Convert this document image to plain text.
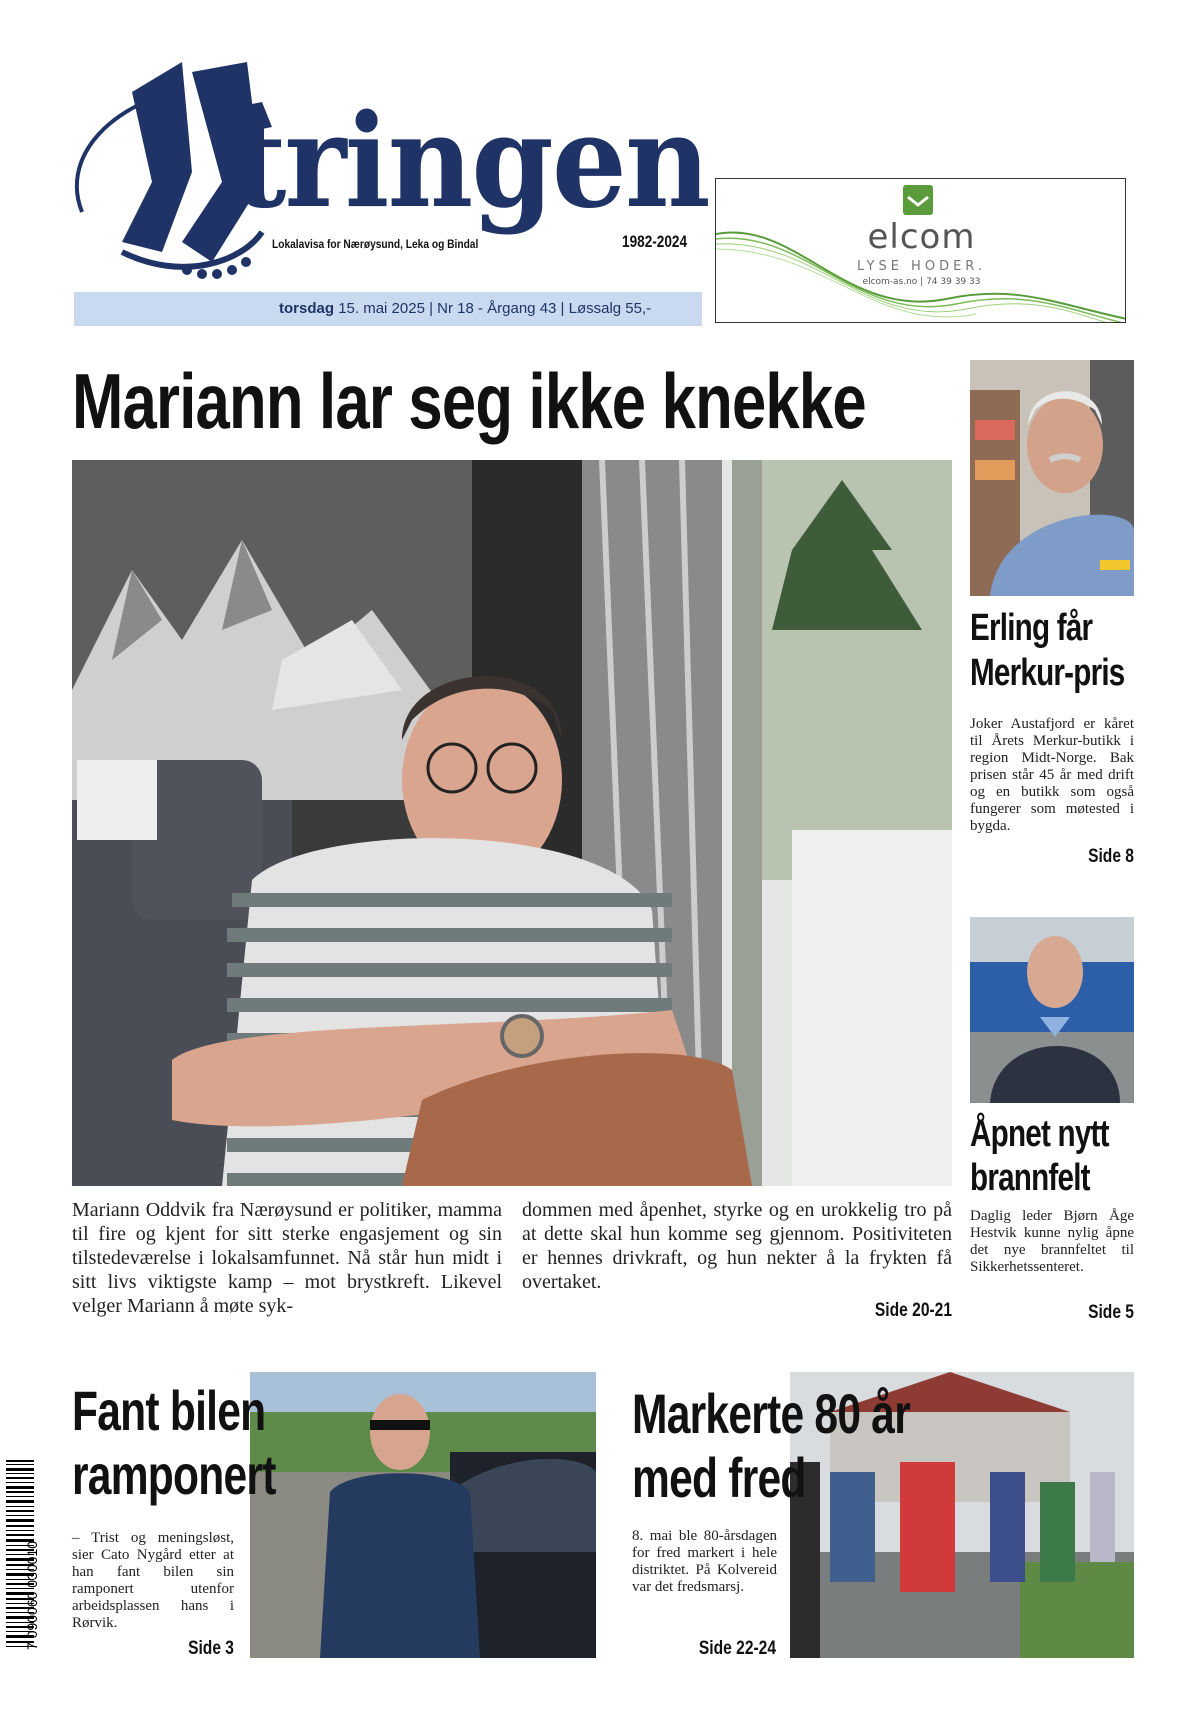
tringen
Lokalavisa for Nærøysund, Leka og Bindal	1982-2024
torsdag 15. mai 2025 | Nr 18 - Årgang 43 | Løssalg 55,-
elcom
LYSE HODER.
elcom-as.no | 74 39 39 33
Mariann lar seg ikke knekke
Mariann Oddvik fra Nærøysund er politiker, mamma til fire og kjent for sitt sterke engasjement og sin tilstedeværelse i lokalsamfunnet. Nå står hun midt i sitt livs viktigste kamp – mot brystkreft. Likevel velger Mariann å møte syk-
dommen med åpenhet, styrke og en urokkelig tro på at dette skal hun komme seg gjennom. Positiviteten er hennes drivkraft, og hun nekter å la frykten få overtaket.
Side 20-21
Erling får Merkur-pris
Joker Austafjord er kåret til Årets Merkur-butikk i region Midt-Norge. Bak prisen står 45 år med drift og en butikk som også fungerer som møtested i bygda.
Side 8
Åpnet nytt brannfelt
Daglig leder Bjørn Åge Hestvik kunne nylig åpne det nye brannfeltet til Sikkerhetssenteret.
Side 5
Fant bilen
ramponert
– Trist og meningsløst, sier Cato Nygård etter at han fant bilen sin ramponert utenfor arbeidsplassen hans i Rørvik.
Side 3
Markerte 80 år
med fred
8. mai ble 80-årsdagen for fred markert i hele distriktet. På Kolvereid var det fredsmarsj.
Side 22-24
7 090060 030010
